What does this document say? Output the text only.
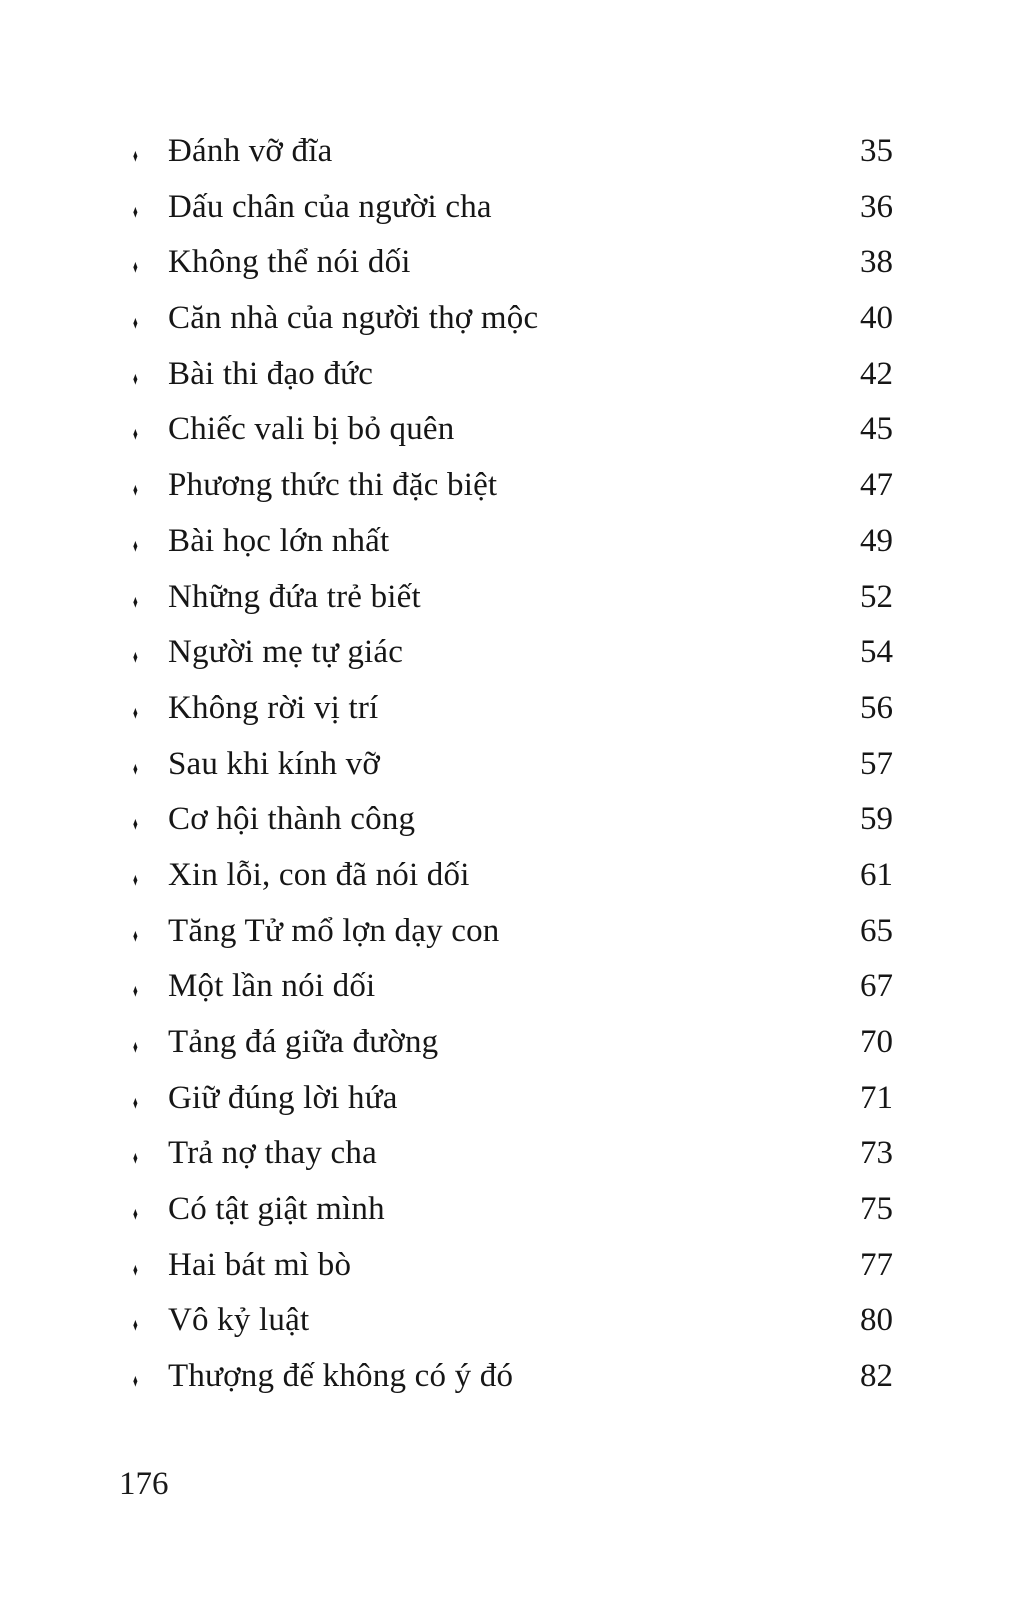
♦ Đánh vỡ đĩa	35
♦ Dấu chân của người cha	36
♦ Không thể nói dối	38
♦ Căn nhà của người thợ mộc	40
♦ Bài thi đạo đức	42
♦ Chiếc vali bị bỏ quên	45
♦ Phương thức thi đặc biệt	47
♦ Bài học lớn nhất	49
♦ Những đứa trẻ biết	52
♦ Người mẹ tự giác	54
♦ Không rời vị trí	56
♦ Sau khi kính vỡ	57
♦ Cơ hội thành công	59
♦ Xin lỗi, con đã nói dối	61
♦ Tăng Tử mổ lợn dạy con	65
♦ Một lần nói dối	67
♦ Tảng đá giữa đường	70
♦ Giữ đúng lời hứa	71
♦ Trả nợ thay cha	73
♦ Có tật giật mình	75
♦ Hai bát mì bò	77
♦ Vô kỷ luật	80
♦ Thượng đế không có ý đó	82
176
